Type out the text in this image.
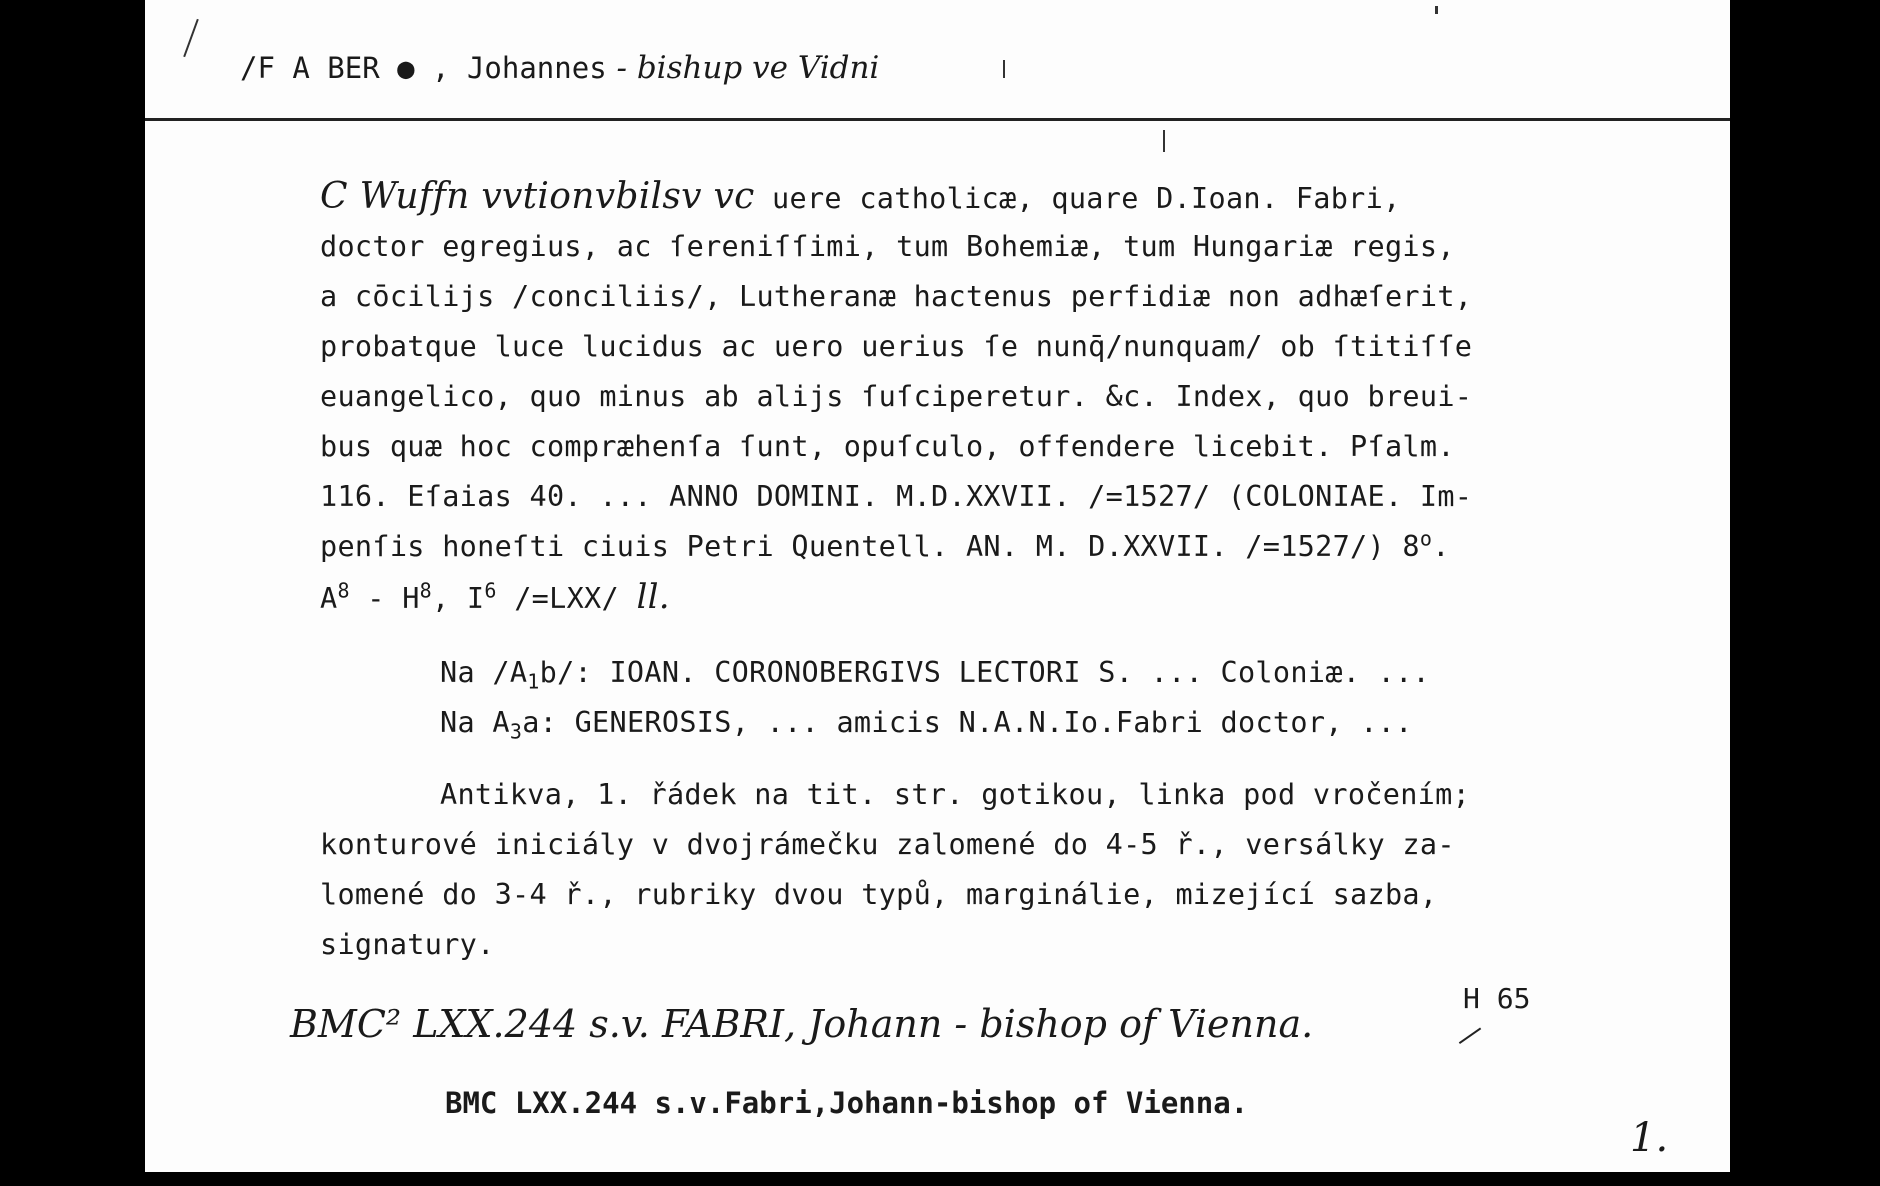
/F A BER ● , Johannes - bishup ve Vidni
C Wuffn vvtionvbilsv vc uere catholicæ, quare D.Ioan. Fabri,
doctor egregius, ac ſereniſſimi, tum Bohemiæ, tum Hungariæ regis,
a cōcilijs /conciliis/, Lutheranæ hactenus perfidiæ non adhæſerit,
probatque luce lucidus ac uero uerius ſe nunq̄/nunquam/ ob ſtitiſſe
euangelico, quo minus ab alijs ſuſciperetur. &c. Index, quo breui-
bus quæ hoc compræhenſa ſunt, opuſculo, offendere licebit. Pſalm.
116. Eſaias 40. ... ANNO DOMINI. M.D.XXVII. /=1527/ (COLONIAE. Im-
penſis honeſti ciuis Petri Quentell. AN. M. D.XXVII. /=1527/) 8$^o$.
$A^8 - H^8$, $I^6$ /=LXX/ ll.
Na $/A_1b/$: IOAN. CORONOBERGIVS LECTORI S. ... Coloniæ. ...
Na $A_3a$: GENEROSIS, ... amicis N.A.N.Io.Fabri doctor, ...
Antikva, 1. řádek na tit. str. gotikou, linka pod vročením;
konturové iniciály v dvojrámečku zalomené do 4-5 ř., versálky za-
lomené do 3-4 ř., rubriky dvou typů, marginálie, mizející sazba,
signatury.
H 65
BMC² LXX.244 s.v. FABRI, Johann - bishop of Vienna.
BMC LXX.244 s.v.Fabri,Johann-bishop of Vienna.
1.
